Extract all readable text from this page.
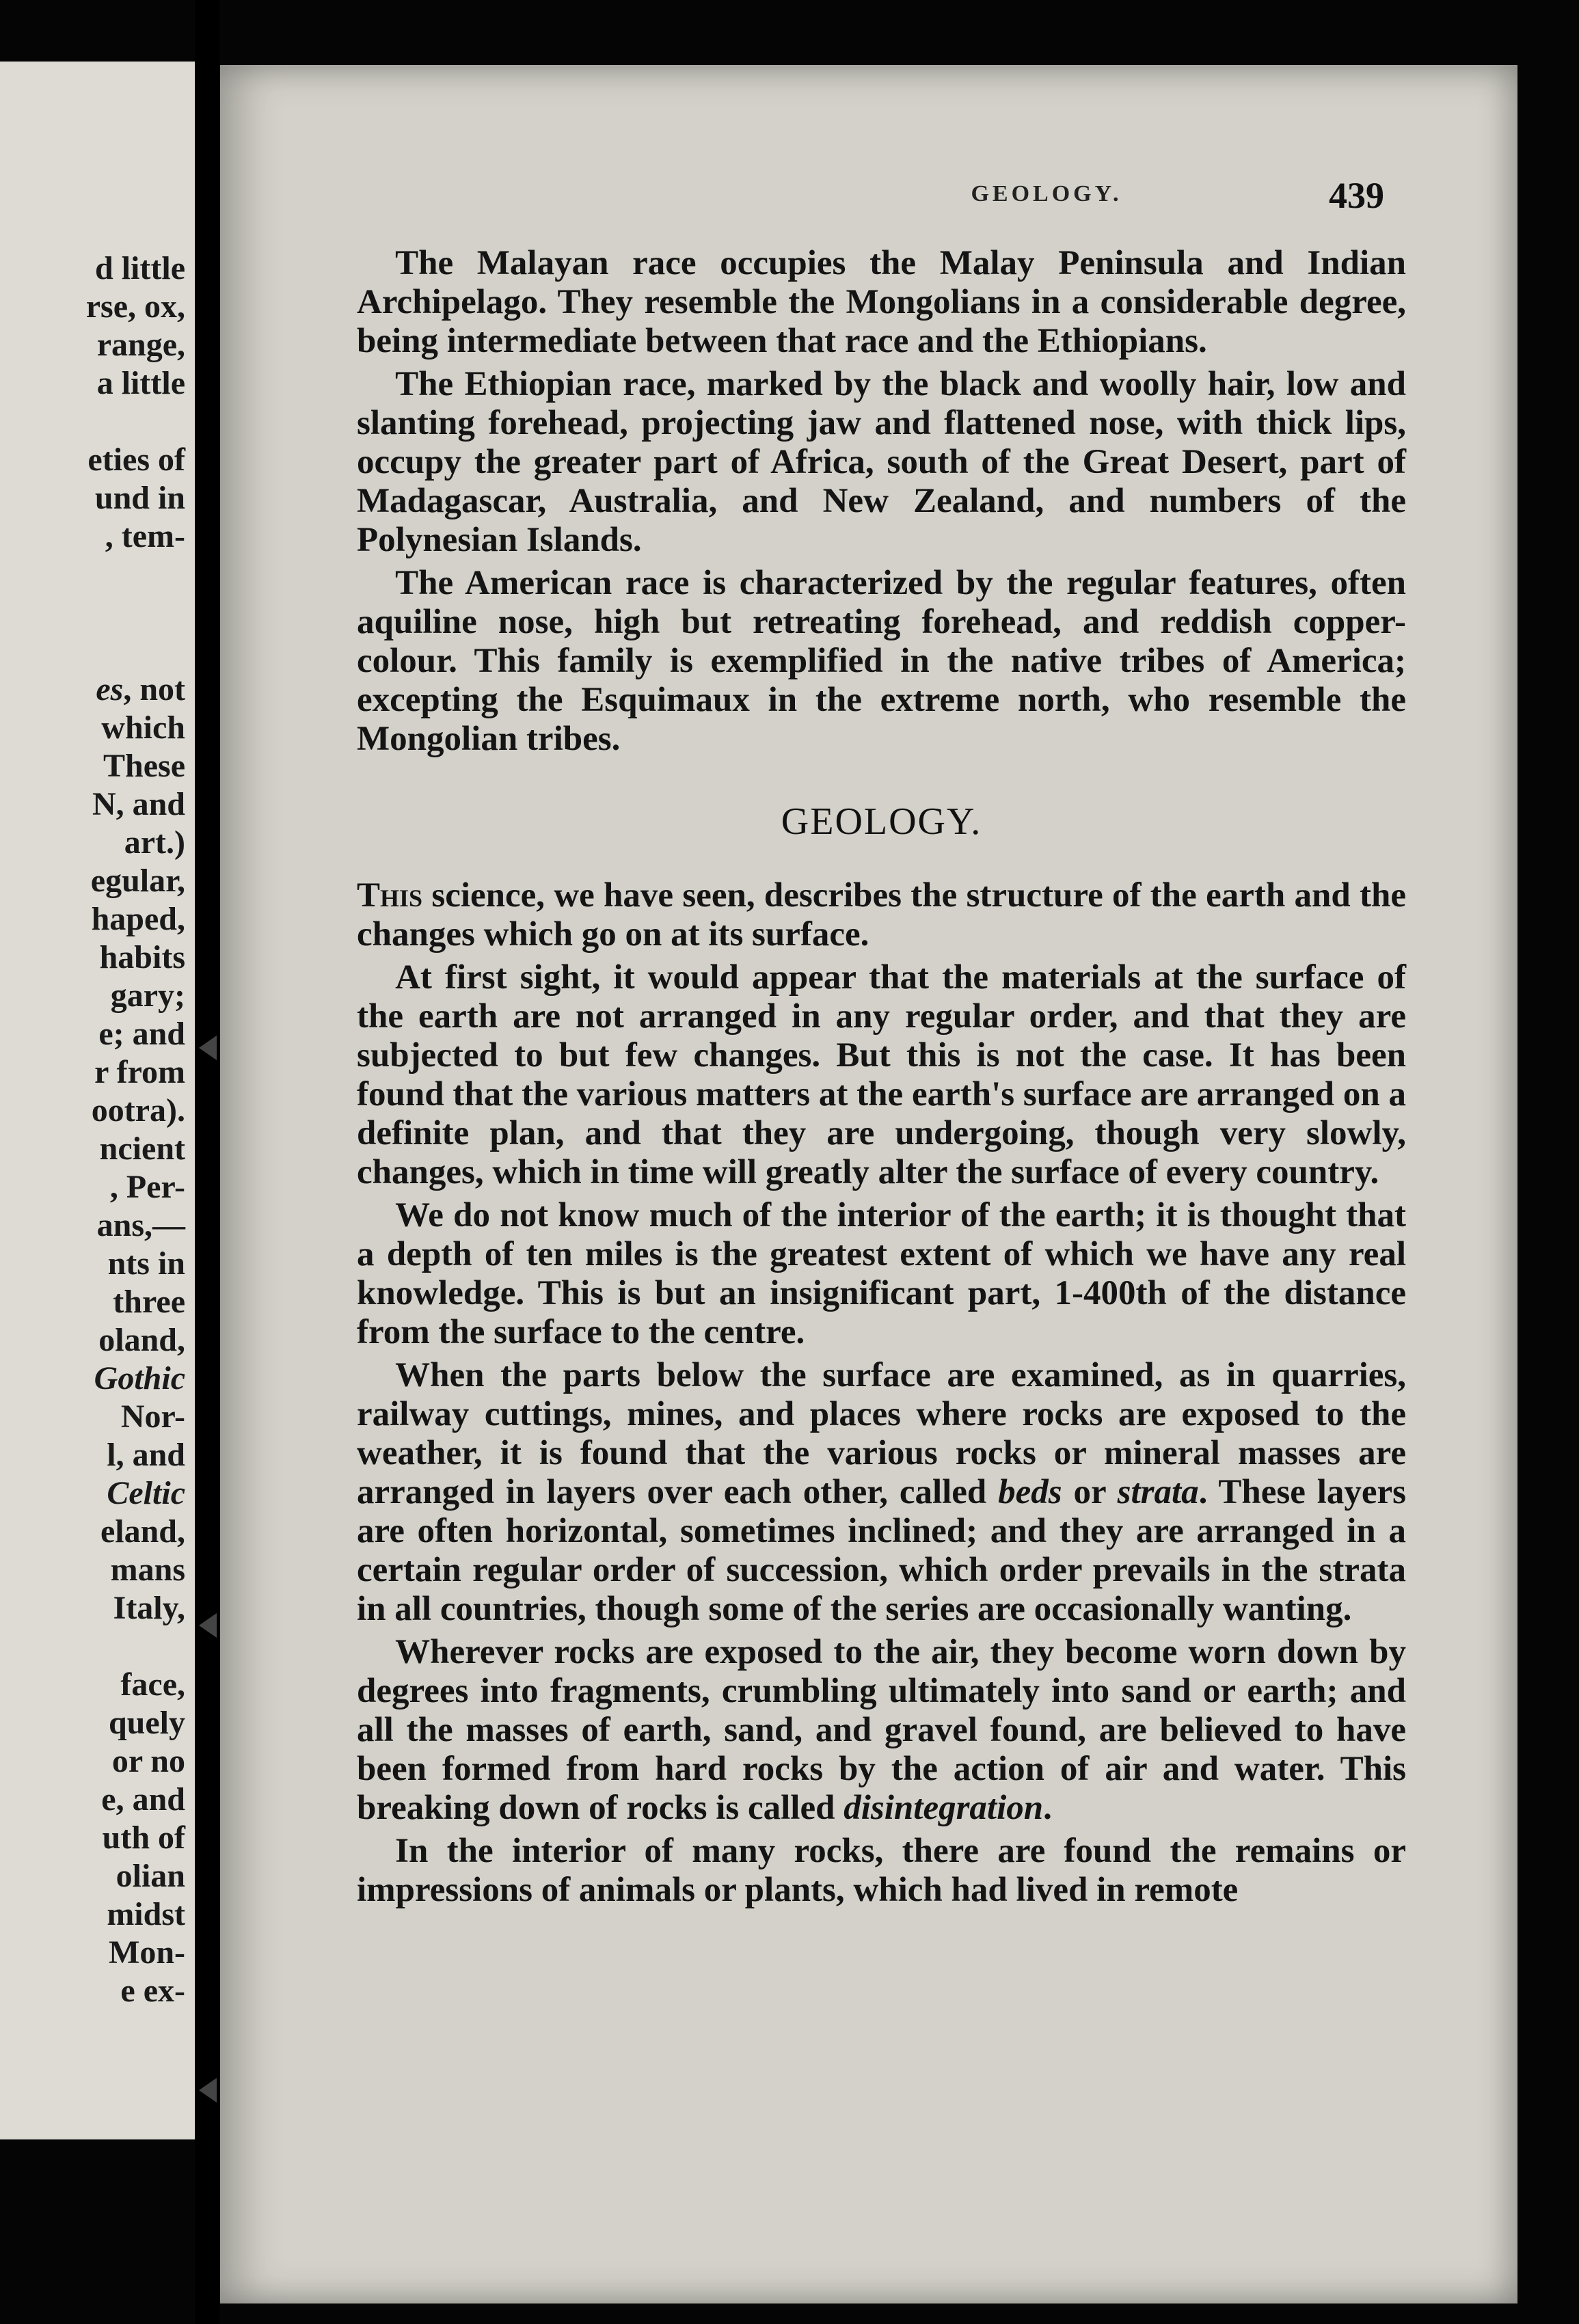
d little
rse, ox,
range,
a little
eties of
und in
, tem-
es, not
which
These
N, and
art.)
egular,
haped,
habits
gary;
e; and
r from
ootra).
ncient
, Per-
ans,—
nts in
three
oland,
Gothic
Nor-
l, and
Celtic
eland,
mans
Italy,
face,
quely
or no
e, and
uth of
olian
midst
Mon-
e ex-
GEOLOGY.	439

The Malayan race occupies the Malay Peninsula and Indian Archipelago. They resemble the Mongolians in a considerable degree, being intermediate between that race and the Ethiopians.

The Ethiopian race, marked by the black and woolly hair, low and slanting forehead, projecting jaw and flattened nose, with thick lips, occupy the greater part of Africa, south of the Great Desert, part of Madagascar, Australia, and New Zealand, and numbers of the Polynesian Islands.

The American race is characterized by the regular features, often aquiline nose, high but retreating forehead, and reddish copper-colour. This family is exemplified in the native tribes of America; excepting the Esquimaux in the extreme north, who resemble the Mongolian tribes.

GEOLOGY.

This science, we have seen, describes the structure of the earth and the changes which go on at its surface.

At first sight, it would appear that the materials at the surface of the earth are not arranged in any regular order, and that they are subjected to but few changes. But this is not the case. It has been found that the various matters at the earth's surface are arranged on a definite plan, and that they are undergoing, though very slowly, changes, which in time will greatly alter the surface of every country.

We do not know much of the interior of the earth; it is thought that a depth of ten miles is the greatest extent of which we have any real knowledge. This is but an insignificant part, 1-400th of the distance from the surface to the centre.

When the parts below the surface are examined, as in quarries, railway cuttings, mines, and places where rocks are exposed to the weather, it is found that the various rocks or mineral masses are arranged in layers over each other, called beds or strata. These layers are often horizontal, sometimes inclined; and they are arranged in a certain regular order of succession, which order prevails in the strata in all countries, though some of the series are occasionally wanting.

Wherever rocks are exposed to the air, they become worn down by degrees into fragments, crumbling ultimately into sand or earth; and all the masses of earth, sand, and gravel found, are believed to have been formed from hard rocks by the action of air and water. This breaking down of rocks is called disintegration.

In the interior of many rocks, there are found the remains or impressions of animals or plants, which had lived in remote
